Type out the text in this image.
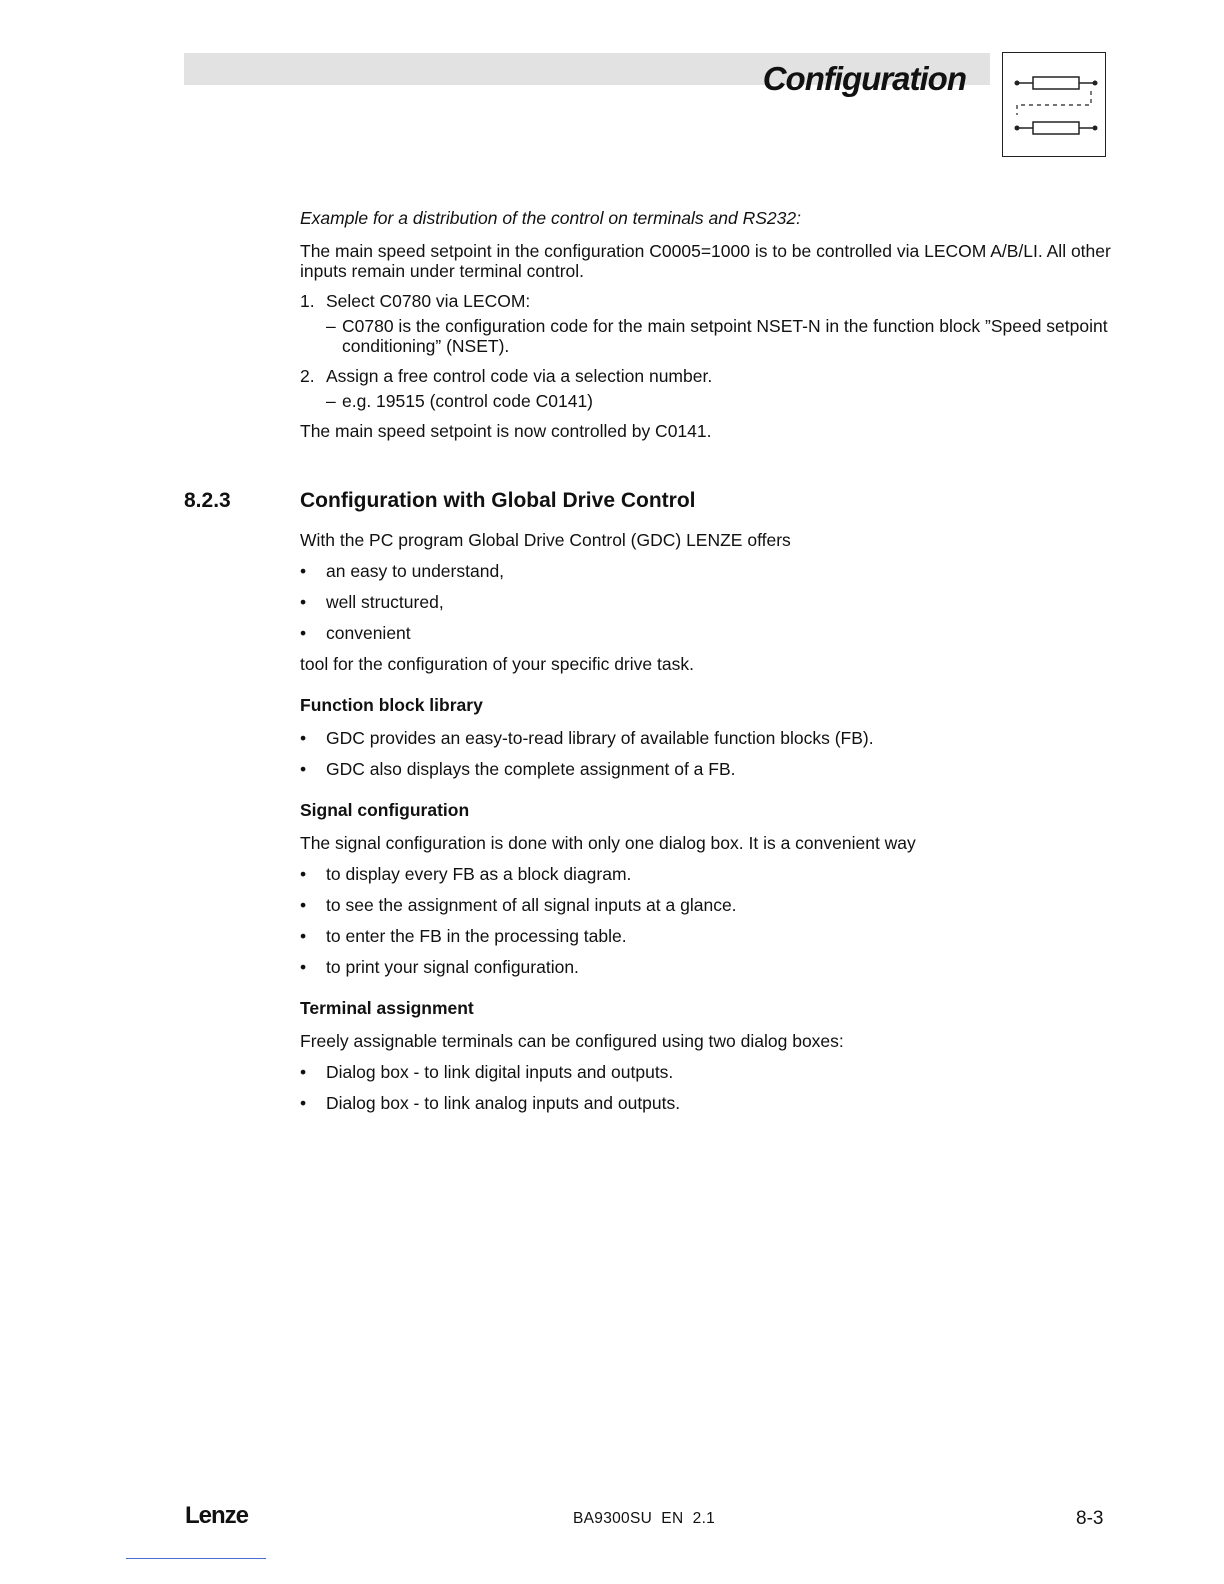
Configuration

Example for a distribution of the control on terminals and RS232:

The main speed setpoint in the configuration C0005=1000 is to be controlled via LECOM A/B/LI. All other inputs remain under terminal control.

1. Select C0780 via LECOM:
– C0780 is the configuration code for the main setpoint NSET-N in the function block ”Speed setpoint conditioning” (NSET).
2. Assign a free control code via a selection number.
– e.g. 19515 (control code C0141)

The main speed setpoint is now controlled by C0141.

8.2.3	Configuration with Global Drive Control

With the PC program Global Drive Control (GDC) LENZE offers

•	an easy to understand,
•	well structured,
•	convenient

tool for the configuration of your specific drive task.

Function block library

•	GDC provides an easy-to-read library of available function blocks (FB).
•	GDC also displays the complete assignment of a FB.

Signal configuration

The signal configuration is done with only one dialog box. It is a convenient way

•	to display every FB as a block diagram.
•	to see the assignment of all signal inputs at a glance.
•	to enter the FB in the processing table.
•	to print your signal configuration.

Terminal assignment

Freely assignable terminals can be configured using two dialog boxes:

•	Dialog box - to link digital inputs and outputs.
•	Dialog box - to link analog inputs and outputs.
Lenze	BA9300SU  EN  2.1	8-3
